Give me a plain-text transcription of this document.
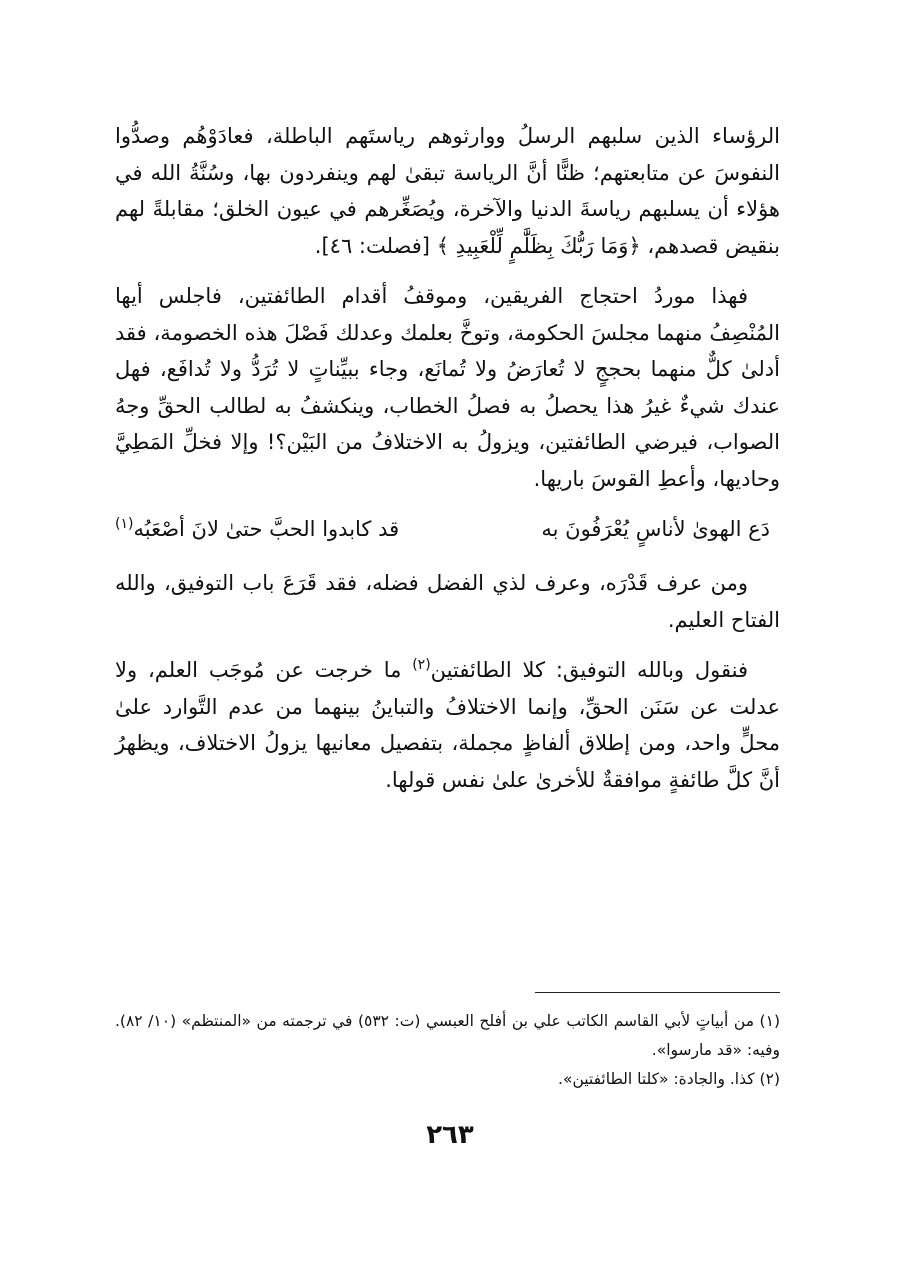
الرؤساء الذين سلبهم الرسلُ ووارثوهم رياستَهم الباطلة، فعادَوْهُم وصدُّوا النفوسَ عن متابعتهم؛ ظنًّا أنَّ الرياسة تبقىٰ لهم وينفردون بها، وسُنَّةُ الله في هؤلاء أن يسلبهم رياسةَ الدنيا والآخرة، ويُصَغِّرهم في عيون الخلق؛ مقابلةً لهم بنقيض قصدهم، ﴿وَمَا رَبُّكَ بِظَلَّٰمٍ لِّلْعَبِيدِ ﴾ [فصلت: ٤٦].

فهذا موردُ احتجاج الفريقين، وموقفُ أقدام الطائفتين، فاجلس أيها المُنْصِفُ منهما مجلسَ الحكومة، وتوخَّ بعلمك وعدلك فَصْلَ هذه الخصومة، فقد أدلىٰ كلٌّ منهما بحججٍ لا تُعارَضُ ولا تُمانَع، وجاء ببيِّناتٍ لا تُرَدُّ ولا تُدافَع، فهل عندك شيءٌ غيرُ هذا يحصلُ به فصلُ الخطاب، وينكشفُ به لطالب الحقِّ وجهُ الصواب، فيرضي الطائفتين، ويزولُ به الاختلافُ من البَيْن؟! وإلا فخلِّ المَطِيَّ وحاديها، وأعطِ القوسَ باريها.

دَع الهوىٰ لأناسٍ يُعْرَفُونَ به
قد كابدوا الحبَّ حتىٰ لانَ أصْعَبُه$^{(١)}$

ومن عرف قَدْرَه، وعرف لذي الفضل فضله، فقد قَرَعَ باب التوفيق، والله الفتاح العليم.

فنقول وبالله التوفيق: كلا الطائفتين$^{(٢)}$ ما خرجت عن مُوجَب العلم، ولا عدلت عن سَنَن الحقِّ، وإنما الاختلافُ والتباينُ بينهما من عدم التَّوارد علىٰ محلٍّ واحد، ومن إطلاق ألفاظٍ مجملة، بتفصيل معانيها يزولُ الاختلاف، ويظهرُ أنَّ كلَّ طائفةٍ موافقةٌ للأخرىٰ علىٰ نفس قولها.

(١) من أبياتٍ لأبي القاسم الكاتب علي بن أفلح العبسي (ت: ٥٣٢) في ترجمته من «المنتظم» (١٠/ ٨٢). وفيه: «قد مارسوا».
(٢) كذا. والجادة: «كلتا الطائفتين».
٢٦٣
